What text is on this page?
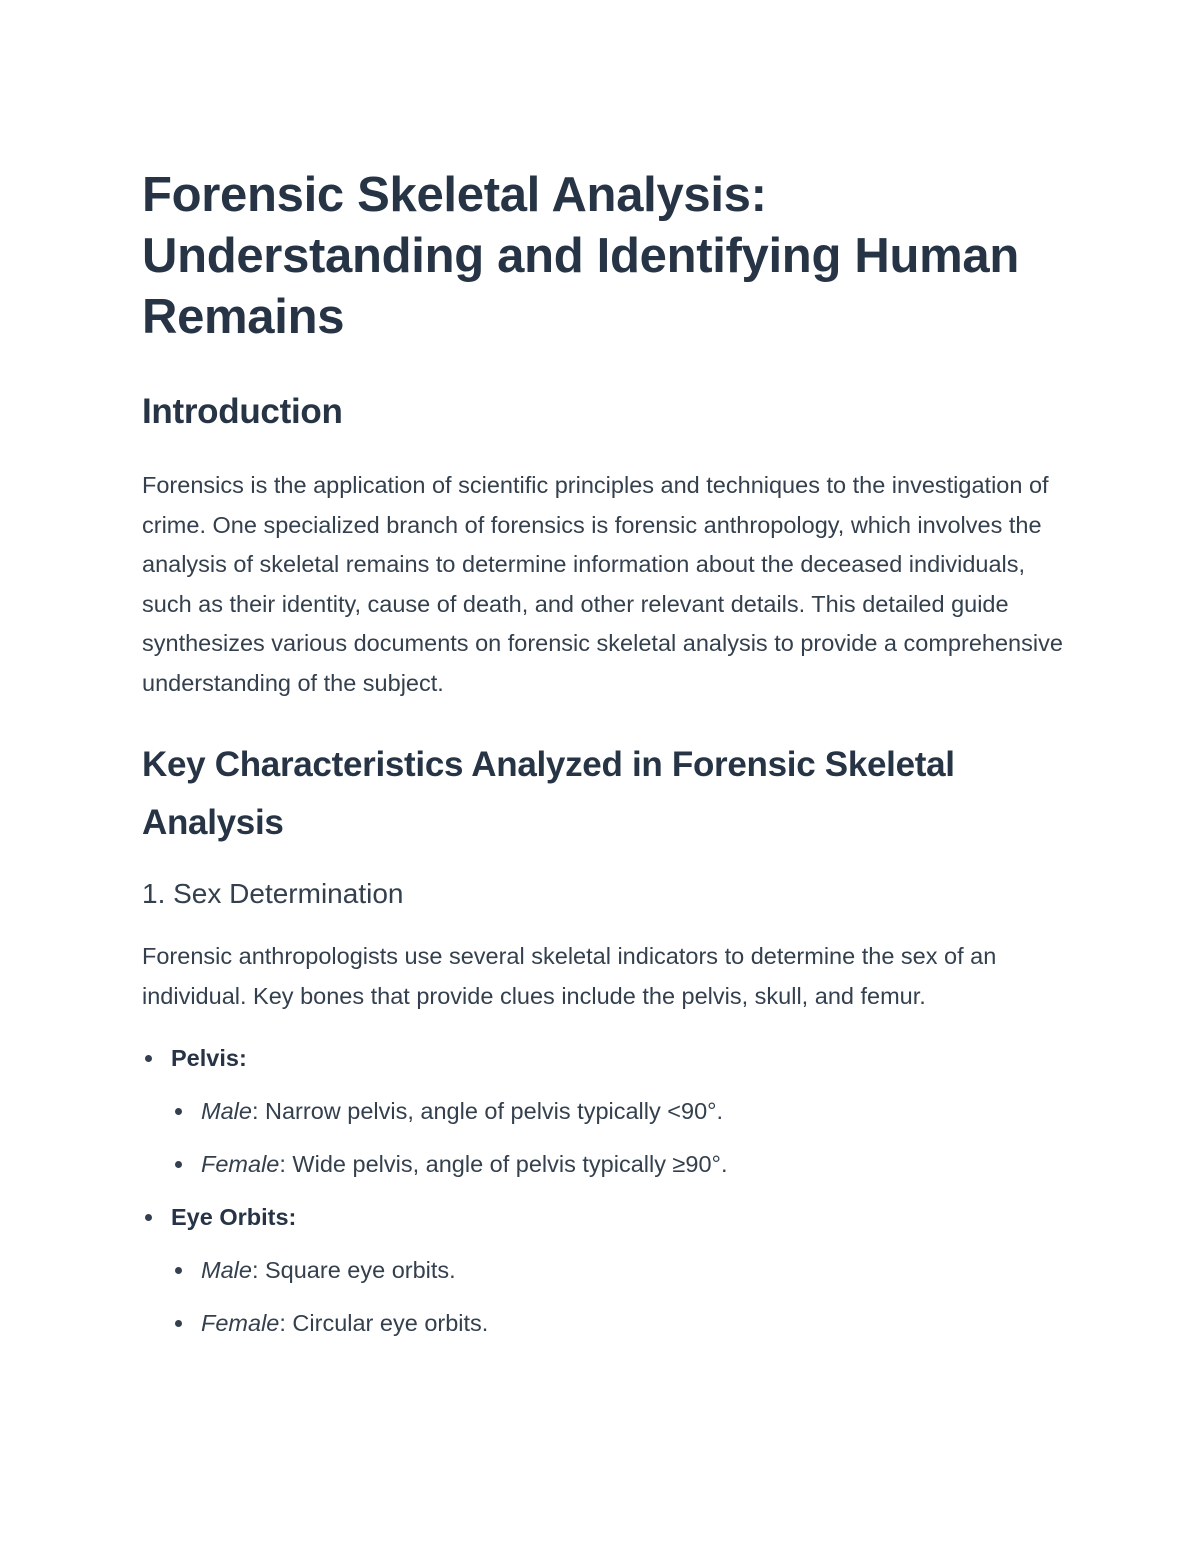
Forensic Skeletal Analysis: Understanding and Identifying Human Remains
Introduction

Forensics is the application of scientific principles and techniques to the investigation of crime. One specialized branch of forensics is forensic anthropology, which involves the analysis of skeletal remains to determine information about the deceased individuals, such as their identity, cause of death, and other relevant details. This detailed guide synthesizes various documents on forensic skeletal analysis to provide a comprehensive understanding of the subject.

Key Characteristics Analyzed in Forensic Skeletal Analysis
1. Sex Determination

Forensic anthropologists use several skeletal indicators to determine the sex of an individual. Key bones that provide clues include the pelvis, skull, and femur.

Pelvis:
Male: Narrow pelvis, angle of pelvis typically <90°.
Female: Wide pelvis, angle of pelvis typically ≥90°.
Eye Orbits:
Male: Square eye orbits.
Female: Circular eye orbits.
